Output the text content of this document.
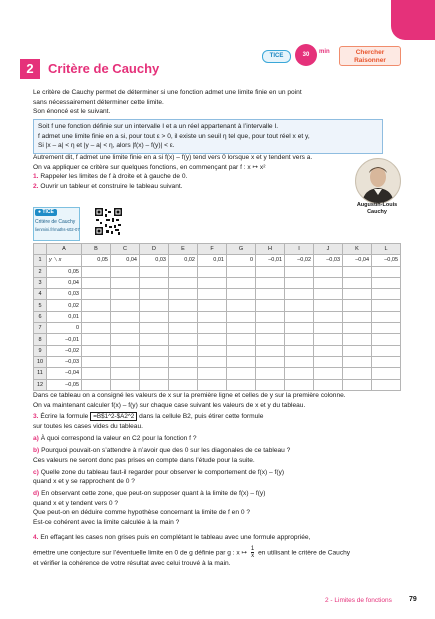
TICE	30	min	Chercher
Raisonner
2	Critère de Cauchy
Le critère de Cauchy permet de déterminer si une fonction admet une limite finie en un point
sans nécessairement déterminer cette limite.
Son énoncé est le suivant.
Soit f une fonction définie sur un intervalle I et a un réel appartenant à l’intervalle I.
f admet une limite finie en a si, pour tout ε > 0, il existe un seuil η tel que, pour tout réel x et y,
Si |x – a| < η et |y – a| < η, alors |f(x) – f(y)| < ε.
Autrement dit, f admet une limite finie en a si f(x) – f(y) tend vers 0 lorsque x et y tendent vers a.
On va appliquer ce critère sur quelques fonctions, en commençant par f : x ↦ x²
1. Rappeler les limites de f à droite et à gauche de 0.
2. Ouvrir un tableur et construire le tableau suivant.
Augustin-Louis
Cauchy
● TICE
Critère de Cauchy
lienmini.fr/maths-s02-07
	A	B	C	D	E	F	G	H	I	J	K	L
1	y ⟍ x	0,05	0,04	0,03	0,02	0,01	0	–0,01	–0,02	–0,03	–0,04	–0,05
2	0,05											
3	0,04											
4	0,03											
5	0,02											
6	0,01											
7	0											
8	–0,01											
9	–0,02											
10	–0,03											
11	–0,04											
12	–0,05											
Dans ce tableau on a consigné les valeurs de x sur la première ligne et celles de y sur la première colonne.
On va maintenant calculer f(x) – f(y) sur chaque case suivant les valeurs de x et y du tableau.
3. Écrire la formule =B$1^2-$A2^2 dans la cellule B2, puis étirer cette formule
sur toutes les cases vides du tableau.
a) À quoi correspond la valeur en C2 pour la fonction f ?
b) Pourquoi pouvait-on s’attendre à n’avoir que des 0 sur les diagonales de ce tableau ?
Ces valeurs ne seront donc pas prises en compte dans l’étude pour la suite.
c) Quelle zone du tableau faut-il regarder pour observer le comportement de f(x) – f(y)
quand x et y se rapprochent de 0 ?
d) En observant cette zone, que peut-on supposer quant à la limite de f(x) – f(y)
quand x et y tendent vers 0 ?
Que peut-on en déduire comme hypothèse concernant la limite de f en 0 ?
Est-ce cohérent avec la limite calculée à la main ?
4. En effaçant les cases non grises puis en complétant le tableau avec une formule appropriée,
émettre une conjecture sur l’éventuelle limite en 0 de g définie par g : x ↦ $\frac{1}{x}$ en utilisant le critère de Cauchy
et vérifier la cohérence de votre résultat avec celui trouvé à la main.
2 - Limites de fonctions 79
